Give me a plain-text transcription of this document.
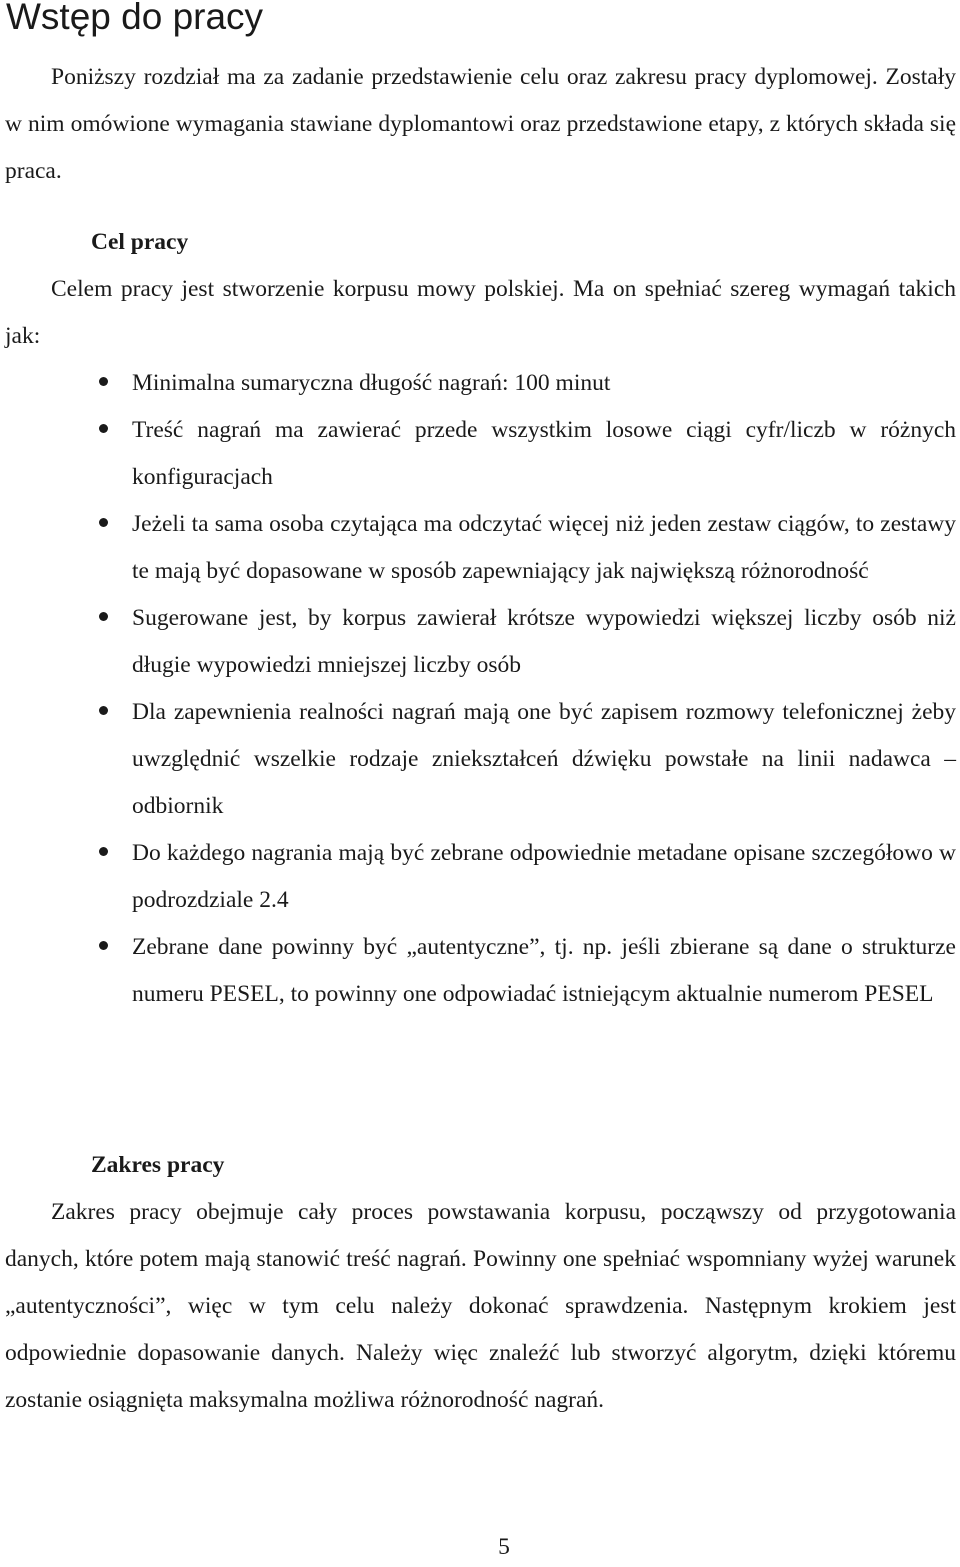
Wstęp do pracy

Poniższy rozdział ma za zadanie przedstawienie celu oraz zakresu pracy dyplomowej. Zostały w nim omówione wymagania stawiane dyplomantowi oraz przedstawione etapy, z których składa się praca.

Cel pracy

Celem pracy jest stworzenie korpusu mowy polskiej. Ma on spełniać szereg wymagań takich jak:

Minimalna sumaryczna długość nagrań: 100 minut
Treść nagrań ma zawierać przede wszystkim losowe ciągi cyfr/liczb w różnych konfiguracjach
Jeżeli ta sama osoba czytająca ma odczytać więcej niż jeden zestaw ciągów, to zestawy te mają być dopasowane w sposób zapewniający jak największą różnorodność
Sugerowane jest, by korpus zawierał krótsze wypowiedzi większej liczby osób niż długie wypowiedzi mniejszej liczby osób
Dla zapewnienia realności nagrań mają one być zapisem rozmowy telefonicznej żeby uwzględnić wszelkie rodzaje zniekształceń dźwięku powstałe na linii nadawca – odbiornik
Do każdego nagrania mają być zebrane odpowiednie metadane opisane szczegółowo w podrozdziale 2.4
Zebrane dane powinny być „autentyczne”, tj. np. jeśli zbierane są dane o strukturze numeru PESEL, to powinny one odpowiadać istniejącym aktualnie numerom PESEL
Zakres pracy

Zakres pracy obejmuje cały proces powstawania korpusu, począwszy od przygotowania danych, które potem mają stanowić treść nagrań. Powinny one spełniać wspomniany wyżej warunek „autentyczności”, więc w tym celu należy dokonać sprawdzenia. Następnym krokiem jest odpowiednie dopasowanie danych. Należy więc znaleźć lub stworzyć algorytm, dzięki któremu zostanie osiągnięta maksymalna możliwa różnorodność nagrań.

5
